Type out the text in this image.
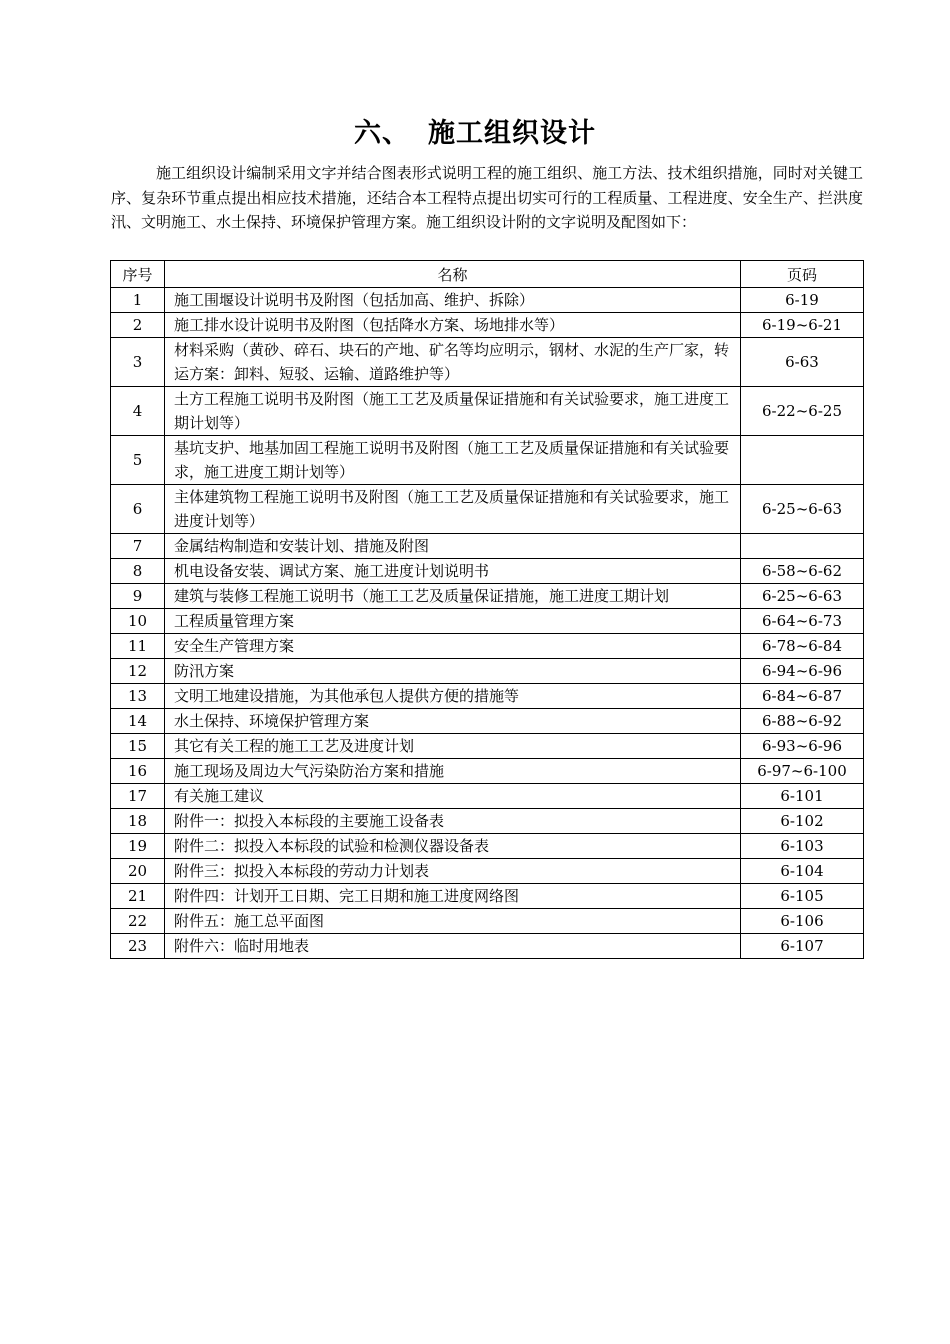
六、 施工组织设计

施工组织设计编制采用文字并结合图表形式说明工程的施工组织、施工方法、技术组织措施，同时对关键工序、复杂环节重点提出相应技术措施，还结合本工程特点提出切实可行的工程质量、工程进度、安全生产、拦洪度汛、文明施工、水土保持、环境保护管理方案。施工组织设计附的文字说明及配图如下：

序号	名称	页码
1	施工围堰设计说明书及附图（包括加高、维护、拆除）	6-19
2	施工排水设计说明书及附图（包括降水方案、场地排水等）	6-19~6-21
3	材料采购（黄砂、碎石、块石的产地、矿名等均应明示，钢材、水泥的生产厂家，转运方案：卸料、短驳、运输、道路维护等）	6-63
4	土方工程施工说明书及附图（施工工艺及质量保证措施和有关试验要求，施工进度工期计划等）	6-22~6-25
5	基坑支护、地基加固工程施工说明书及附图（施工工艺及质量保证措施和有关试验要求，施工进度工期计划等）	
6	主体建筑物工程施工说明书及附图（施工工艺及质量保证措施和有关试验要求，施工进度计划等）	6-25~6-63
7	金属结构制造和安装计划、措施及附图	
8	机电设备安装、调试方案、施工进度计划说明书	6-58~6-62
9	建筑与装修工程施工说明书（施工工艺及质量保证措施，施工进度工期计划	6-25~6-63
10	工程质量管理方案	6-64~6-73
11	安全生产管理方案	6-78~6-84
12	防汛方案	6-94~6-96
13	文明工地建设措施，为其他承包人提供方便的措施等	6-84~6-87
14	水土保持、环境保护管理方案	6-88~6-92
15	其它有关工程的施工工艺及进度计划	6-93~6-96
16	施工现场及周边大气污染防治方案和措施	6-97~6-100
17	有关施工建议	6-101
18	附件一：拟投入本标段的主要施工设备表	6-102
19	附件二：拟投入本标段的试验和检测仪器设备表	6-103
20	附件三：拟投入本标段的劳动力计划表	6-104
21	附件四：计划开工日期、完工日期和施工进度网络图	6-105
22	附件五：施工总平面图	6-106
23	附件六：临时用地表	6-107
